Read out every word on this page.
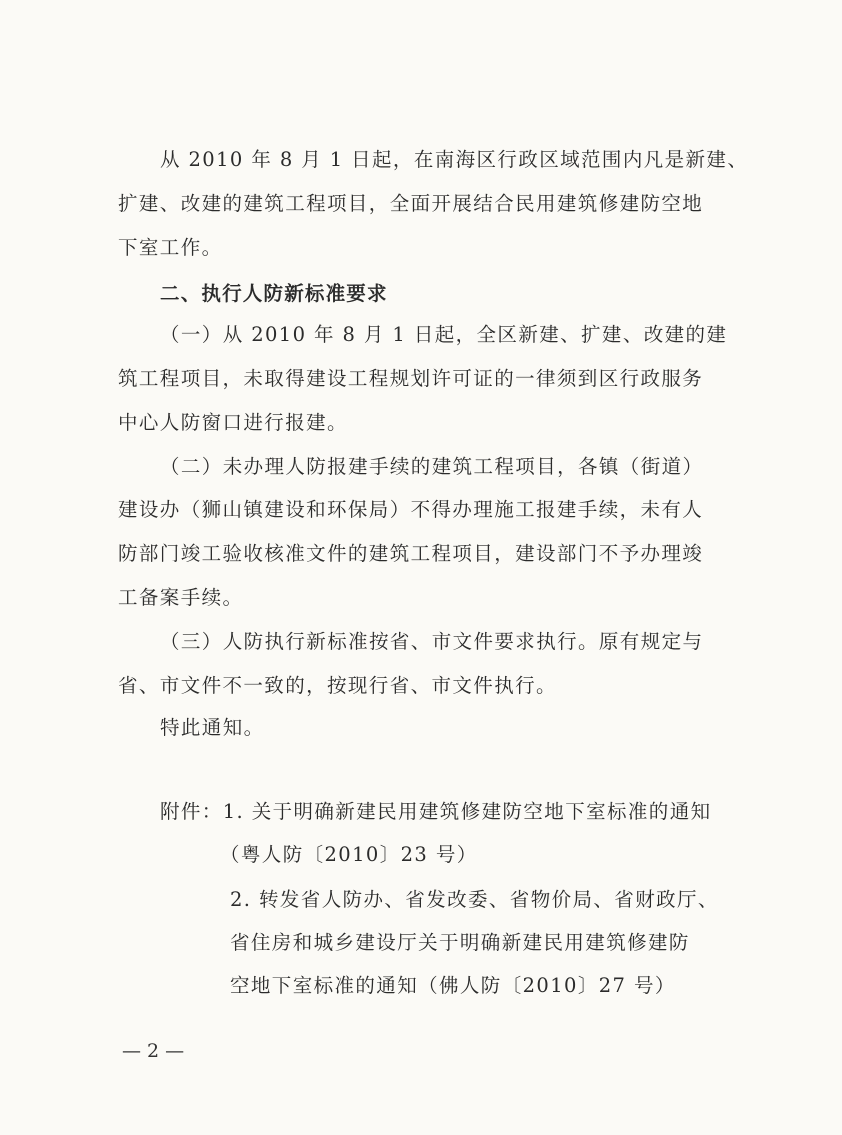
从 2010 年 8 月 1 日起，在南海区行政区域范围内凡是新建、
扩建、改建的建筑工程项目，全面开展结合民用建筑修建防空地
下室工作。
二、执行人防新标准要求
（一）从 2010 年 8 月 1 日起，全区新建、扩建、改建的建
筑工程项目，未取得建设工程规划许可证的一律须到区行政服务
中心人防窗口进行报建。
（二）未办理人防报建手续的建筑工程项目，各镇（街道）
建设办（狮山镇建设和环保局）不得办理施工报建手续，未有人
防部门竣工验收核准文件的建筑工程项目，建设部门不予办理竣
工备案手续。
（三）人防执行新标准按省、市文件要求执行。原有规定与
省、市文件不一致的，按现行省、市文件执行。
特此通知。
附件：1. 关于明确新建民用建筑修建防空地下室标准的通知
（粤人防〔2010〕23 号）
2. 转发省人防办、省发改委、省物价局、省财政厅、
省住房和城乡建设厅关于明确新建民用建筑修建防
空地下室标准的通知（佛人防〔2010〕27 号）
— 2 —
